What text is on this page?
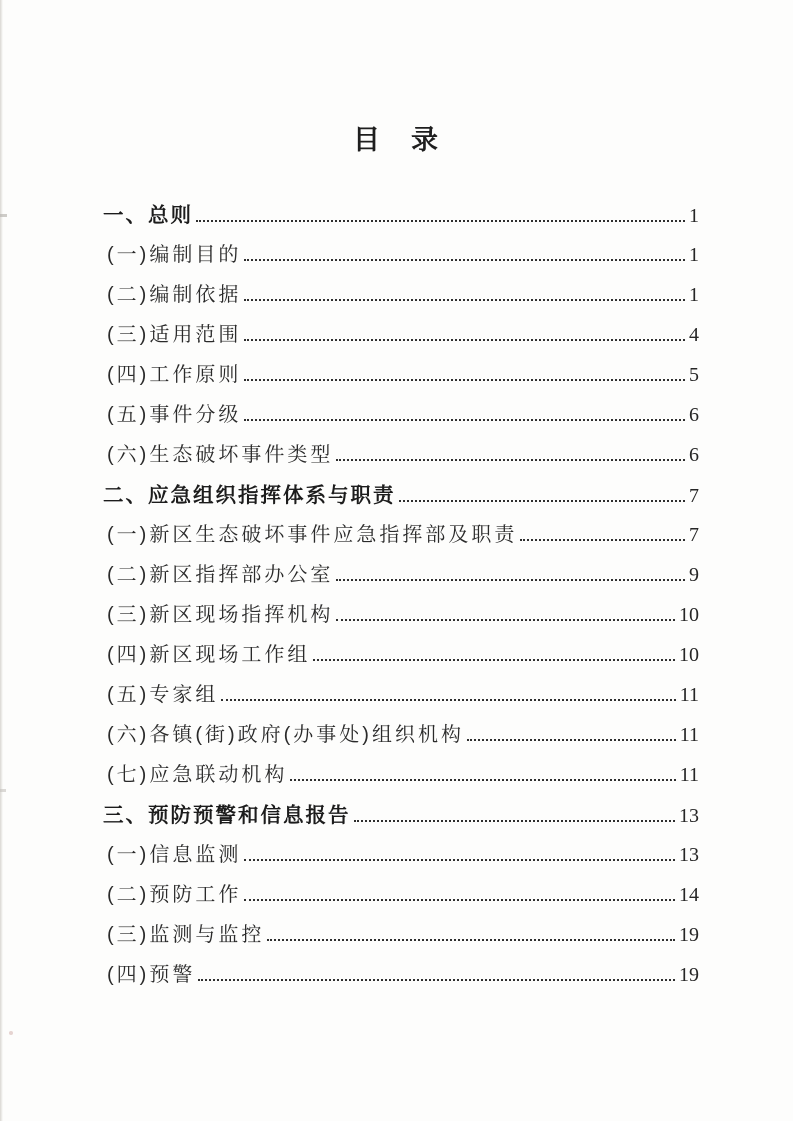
目　录
一、总则	1
(一)编制目的	1
(二)编制依据	1
(三)适用范围	4
(四)工作原则	5
(五)事件分级	6
(六)生态破坏事件类型	6
二、应急组织指挥体系与职责	7
(一)新区生态破坏事件应急指挥部及职责	7
(二)新区指挥部办公室	9
(三)新区现场指挥机构	10
(四)新区现场工作组	10
(五)专家组	11
(六)各镇(街)政府(办事处)组织机构	11
(七)应急联动机构	11
三、预防预警和信息报告	13
(一)信息监测	13
(二)预防工作	14
(三)监测与监控	19
(四)预警	19
